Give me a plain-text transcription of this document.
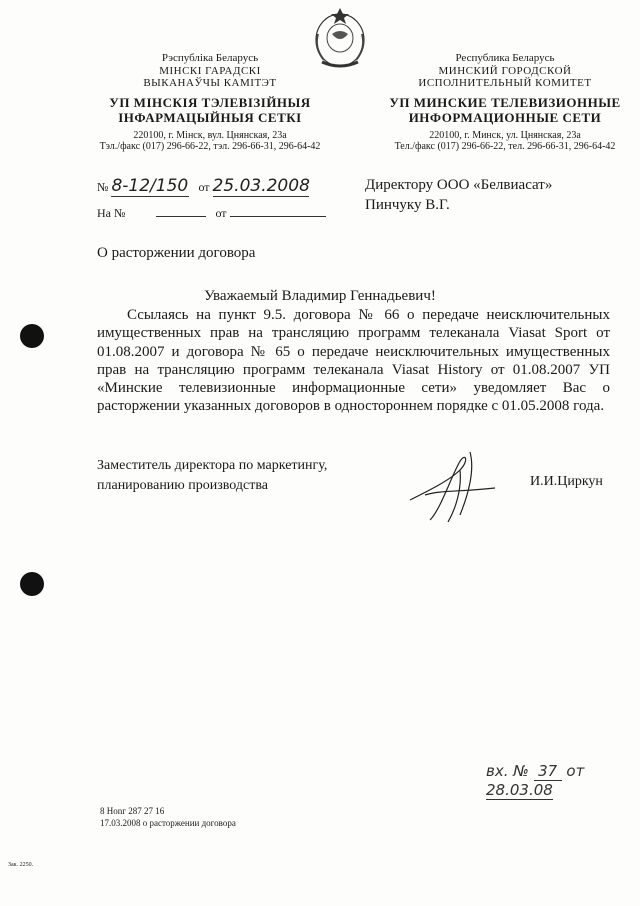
Рэспубліка Беларусь
МІНСКІ ГАРАДСКІ
ВЫКАНАЎЧЫ КАМІТЭТ
УП МІНСКІЯ ТЭЛЕВІЗІЙНЫЯ
ІНФАРМАЦЫЙНЫЯ СЕТКІ
220100, г. Мінск, вул. Цнянская, 23а
Тэл./факс (017) 296-66-22, тэл. 296-66-31, 296-64-42
Республика Беларусь
МИНСКИЙ ГОРОДСКОЙ
ИСПОЛНИТЕЛЬНЫЙ КОМИТЕТ
УП МИНСКИЕ ТЕЛЕВИЗИОННЫЕ
ИНФОРМАЦИОННЫЕ СЕТИ
220100, г. Минск, ул. Цнянская, 23а
Тел./факс (017) 296-66-22, тел. 296-66-31, 296-64-42
№ 8-12/150 от 25.03.2008
На №	от
Директору ООО «Белвиасат»
Пинчуку В.Г.
О расторжении договора
Уважаемый Владимир Геннадьевич!
Ссылаясь на пункт 9.5. договора № 66 о передаче неисключительных имущественных прав на трансляцию программ телеканала Viasat Sport от 01.08.2007 и договора № 65 о передаче неисключительных имущественных прав на трансляцию программ телеканала Viasat History от 01.08.2007 УП «Минские телевизионные информационные сети» уведомляет Вас о расторжении указанных договоров в одностороннем порядке с 01.05.2008 года.
Заместитель директора по маркетингу,
планированию производства	И.И.Циркун
вх. № 37 от 28.03.08
8 Ноnг 287 27 16
17.03.2008 о расторжении договора
Зак. 2250.
